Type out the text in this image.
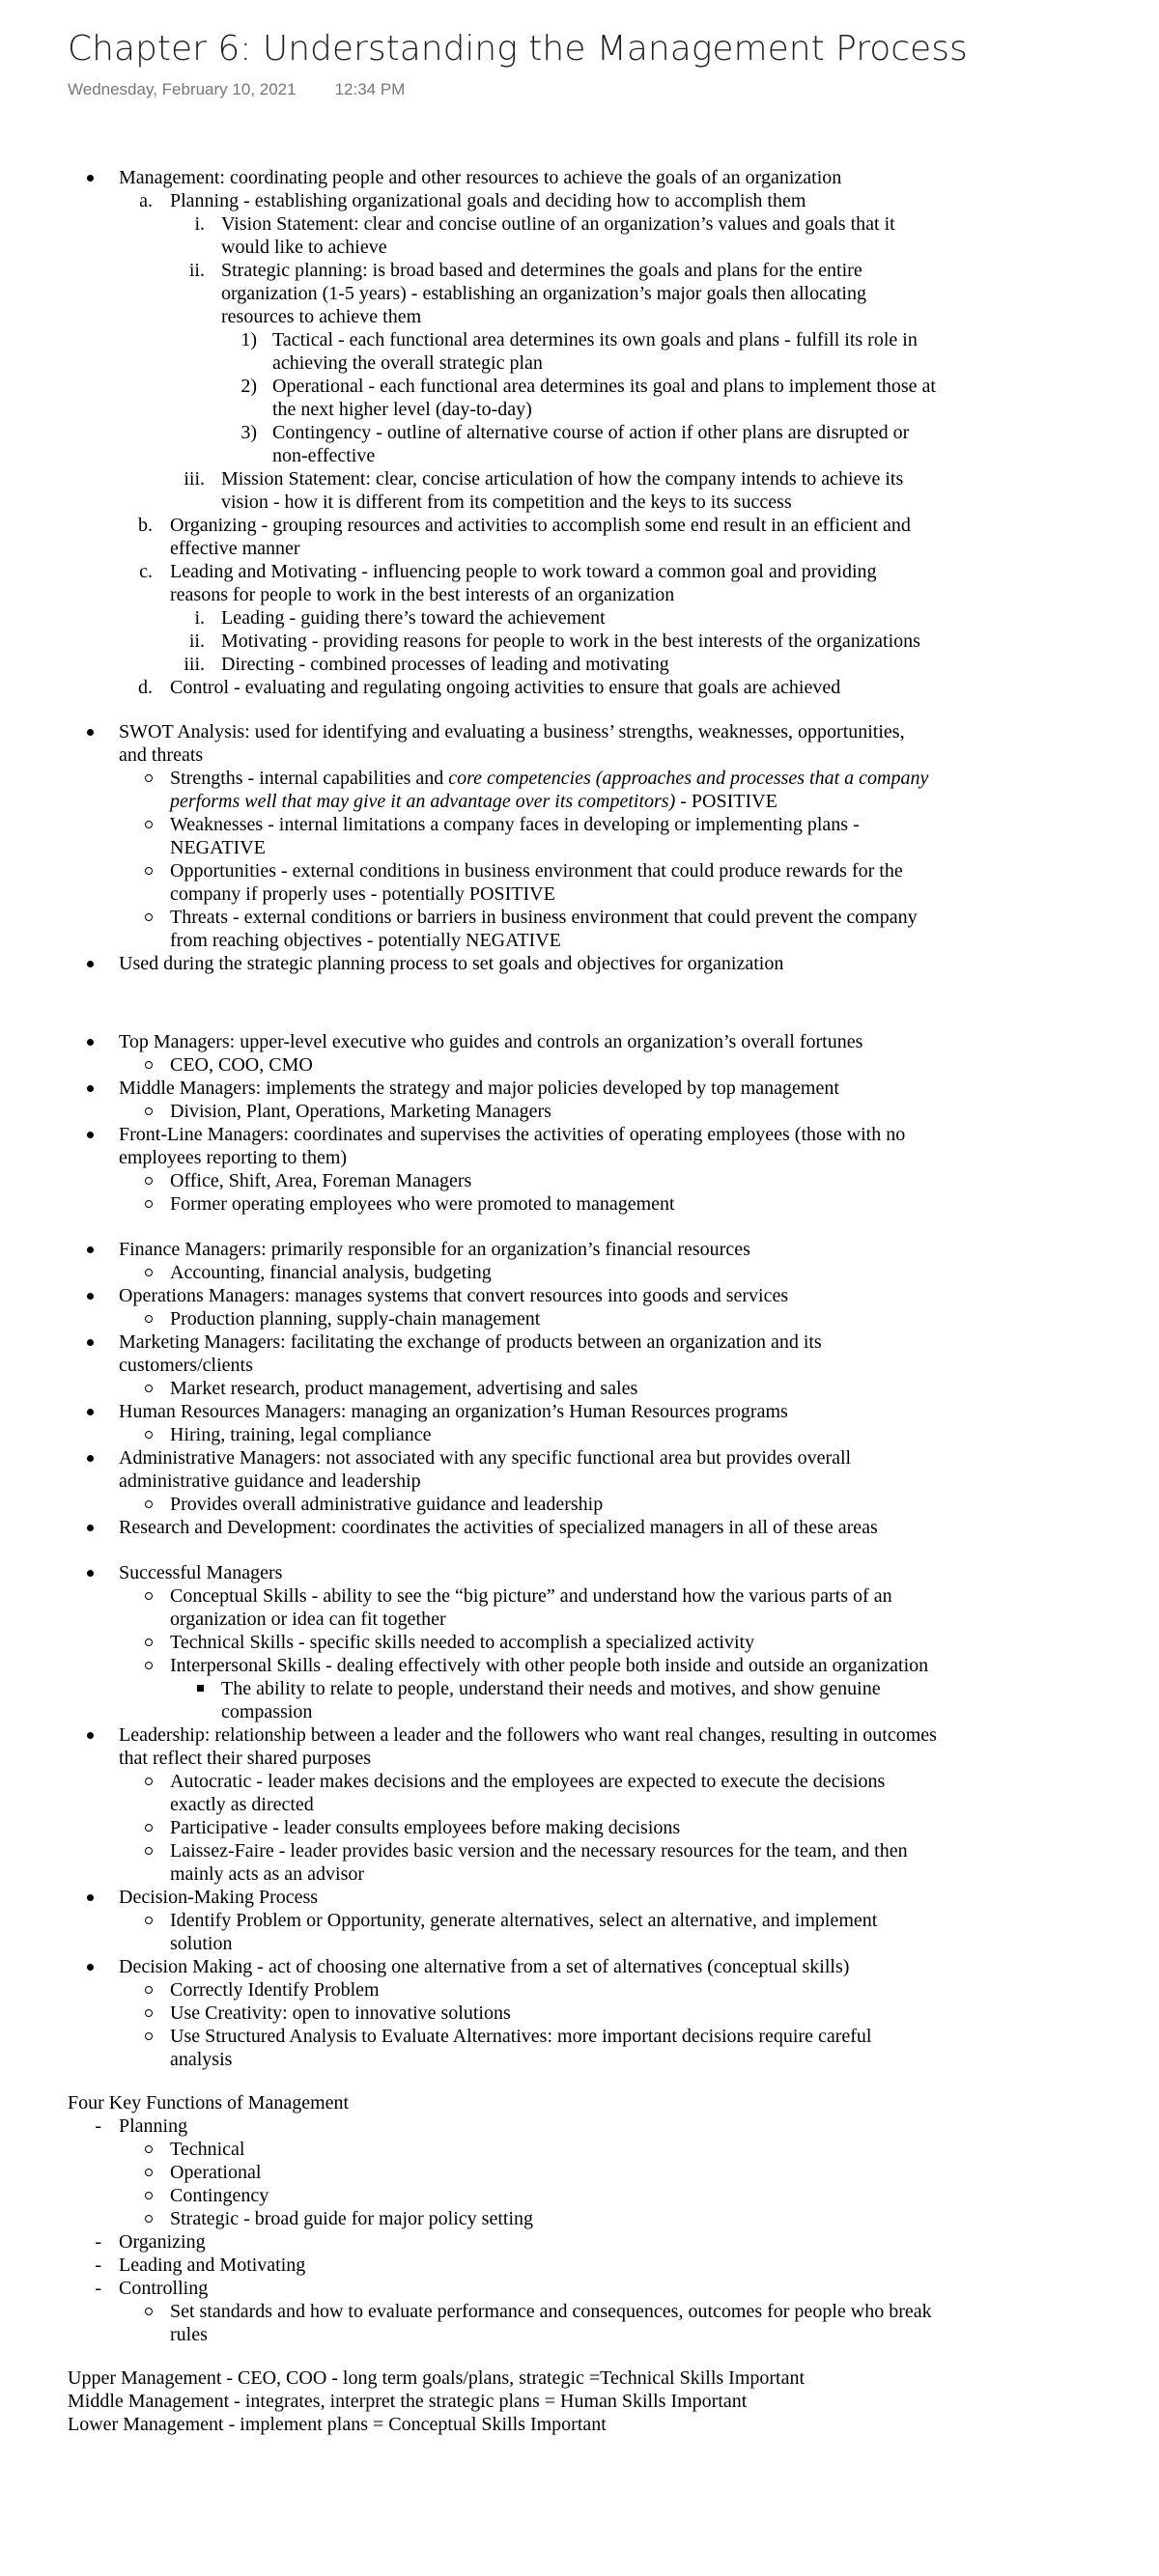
Chapter 6: Understanding the Management Process
Wednesday, February 10, 2021 12:34 PM
Management: coordinating people and other resources to achieve the goals of an organization
a. Planning - establishing organizational goals and deciding how to accomplish them
i. Vision Statement: clear and concise outline of an organization’s values and goals that it would like to achieve
ii. Strategic planning: is broad based and determines the goals and plans for the entire organization (1-5 years) - establishing an organization’s major goals then allocating resources to achieve them
1) Tactical - each functional area determines its own goals and plans - fulfill its role in achieving the overall strategic plan
2) Operational - each functional area determines its goal and plans to implement those at the next higher level (day-to-day)
3) Contingency - outline of alternative course of action if other plans are disrupted or non-effective
iii. Mission Statement: clear, concise articulation of how the company intends to achieve its vision - how it is different from its competition and the keys to its success
b. Organizing - grouping resources and activities to accomplish some end result in an efficient and effective manner
c. Leading and Motivating - influencing people to work toward a common goal and providing reasons for people to work in the best interests of an organization
i. Leading - guiding there’s toward the achievement
ii. Motivating - providing reasons for people to work in the best interests of the organizations
iii. Directing - combined processes of leading and motivating
d. Control - evaluating and regulating ongoing activities to ensure that goals are achieved
SWOT Analysis: used for identifying and evaluating a business’ strengths, weaknesses, opportunities, and threats
Strengths - internal capabilities and core competencies (approaches and processes that a company performs well that may give it an advantage over its competitors) - POSITIVE
Weaknesses - internal limitations a company faces in developing or implementing plans - NEGATIVE
Opportunities - external conditions in business environment that could produce rewards for the company if properly uses - potentially POSITIVE
Threats - external conditions or barriers in business environment that could prevent the company from reaching objectives - potentially NEGATIVE
Used during the strategic planning process to set goals and objectives for organization
Top Managers: upper-level executive who guides and controls an organization’s overall fortunes
CEO, COO, CMO
Middle Managers: implements the strategy and major policies developed by top management
Division, Plant, Operations, Marketing Managers
Front-Line Managers: coordinates and supervises the activities of operating employees (those with no employees reporting to them)
Office, Shift, Area, Foreman Managers
Former operating employees who were promoted to management
Finance Managers: primarily responsible for an organization’s financial resources
Accounting, financial analysis, budgeting
Operations Managers: manages systems that convert resources into goods and services
Production planning, supply-chain management
Marketing Managers: facilitating the exchange of products between an organization and its customers/clients
Market research, product management, advertising and sales
Human Resources Managers: managing an organization’s Human Resources programs
Hiring, training, legal compliance
Administrative Managers: not associated with any specific functional area but provides overall administrative guidance and leadership
Provides overall administrative guidance and leadership
Research and Development: coordinates the activities of specialized managers in all of these areas
Successful Managers
Conceptual Skills - ability to see the “big picture” and understand how the various parts of an organization or idea can fit together
Technical Skills - specific skills needed to accomplish a specialized activity
Interpersonal Skills - dealing effectively with other people both inside and outside an organization
The ability to relate to people, understand their needs and motives, and show genuine compassion
Leadership: relationship between a leader and the followers who want real changes, resulting in outcomes that reflect their shared purposes
Autocratic - leader makes decisions and the employees are expected to execute the decisions exactly as directed
Participative - leader consults employees before making decisions
Laissez-Faire - leader provides basic version and the necessary resources for the team, and then mainly acts as an advisor
Decision-Making Process
Identify Problem or Opportunity, generate alternatives, select an alternative, and implement solution
Decision Making - act of choosing one alternative from a set of alternatives (conceptual skills)
Correctly Identify Problem
Use Creativity: open to innovative solutions
Use Structured Analysis to Evaluate Alternatives: more important decisions require careful analysis
Four Key Functions of Management
- Planning
Technical
Operational
Contingency
Strategic - broad guide for major policy setting
- Organizing
- Leading and Motivating
- Controlling
Set standards and how to evaluate performance and consequences, outcomes for people who break rules
Upper Management - CEO, COO - long term goals/plans, strategic =Technical Skills Important
Middle Management - integrates, interpret the strategic plans = Human Skills Important
Lower Management - implement plans = Conceptual Skills Important
